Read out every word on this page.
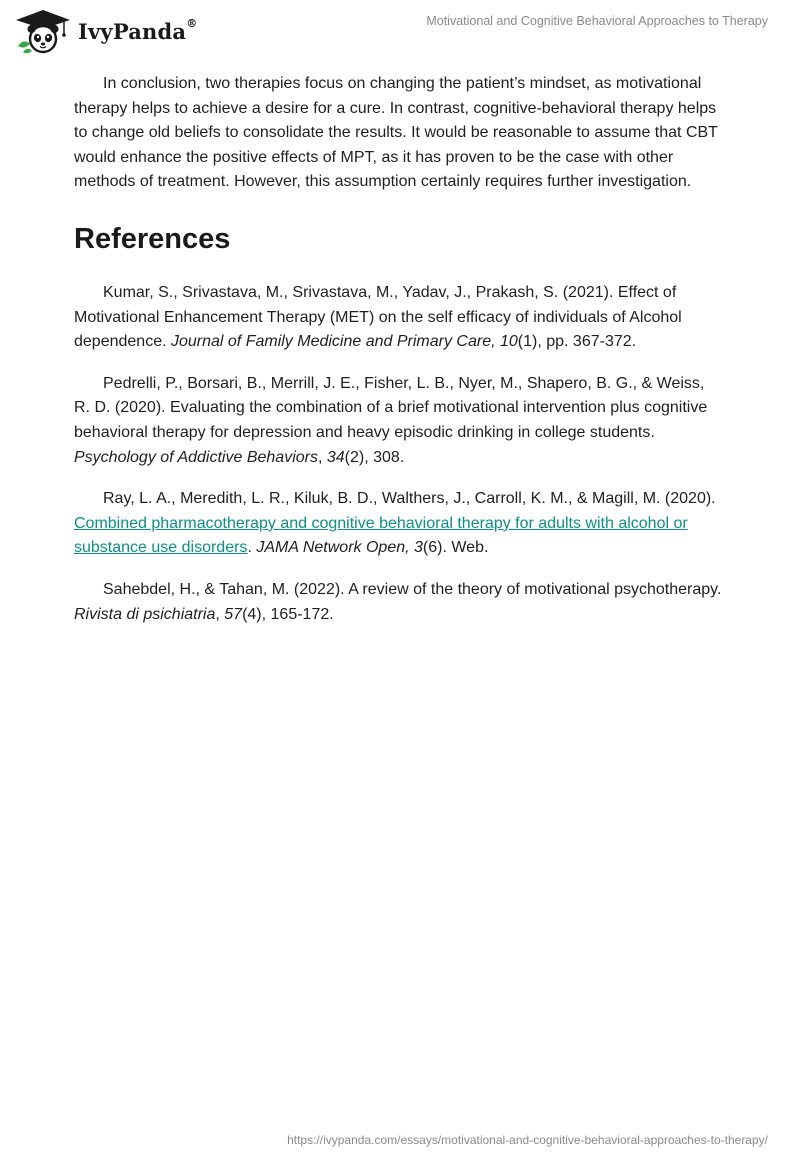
IvyPanda®	Motivational and Cognitive Behavioral Approaches to Therapy

In conclusion, two therapies focus on changing the patient’s mindset, as motivational therapy helps to achieve a desire for a cure. In contrast, cognitive-behavioral therapy helps to change old beliefs to consolidate the results. It would be reasonable to assume that CBT would enhance the positive effects of MPT, as it has proven to be the case with other methods of treatment. However, this assumption certainly requires further investigation.

References

Kumar, S., Srivastava, M., Srivastava, M., Yadav, J., Prakash, S. (2021). Effect of Motivational Enhancement Therapy (MET) on the self efficacy of individuals of Alcohol dependence. Journal of Family Medicine and Primary Care, 10(1), pp. 367-372.

Pedrelli, P., Borsari, B., Merrill, J. E., Fisher, L. B., Nyer, M., Shapero, B. G., & Weiss, R. D. (2020). Evaluating the combination of a brief motivational intervention plus cognitive behavioral therapy for depression and heavy episodic drinking in college students. Psychology of Addictive Behaviors, 34(2), 308.

Ray, L. A., Meredith, L. R., Kiluk, B. D., Walthers, J., Carroll, K. M., & Magill, M. (2020). Combined pharmacotherapy and cognitive behavioral therapy for adults with alcohol or substance use disorders. JAMA Network Open, 3(6). Web.

Sahebdel, H., & Tahan, M. (2022). A review of the theory of motivational psychotherapy. Rivista di psichiatria, 57(4), 165-172.

https://ivypanda.com/essays/motivational-and-cognitive-behavioral-approaches-to-therapy/
